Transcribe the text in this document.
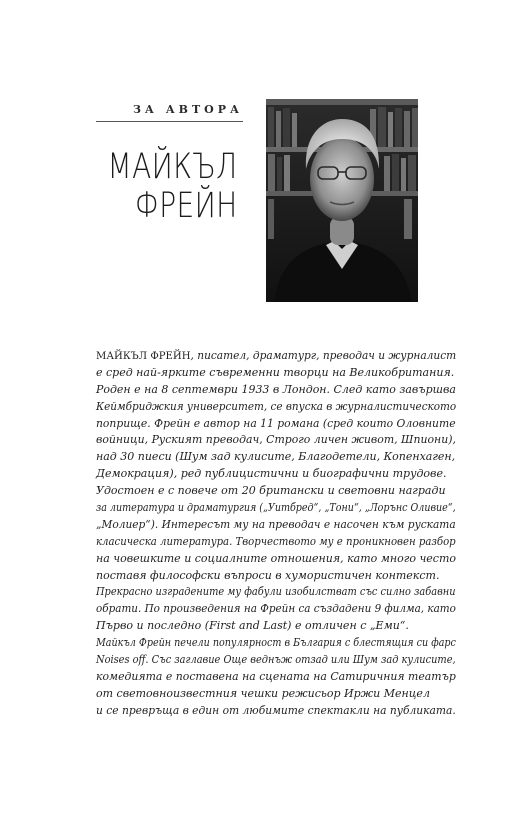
ЗА АВТОРА
МАЙКЪЛ
ФРЕЙН
МАЙКЪЛ ФРЕЙН, писател, драматург, преводач и журналист
е сред най-ярките съвременни творци на Великобритания.
Роден е на 8 септември 1933 в Лондон. След като завършва
Кеймбриджкия университет, се впуска в журналистическото
поприще. Фрейн е автор на 11 романа (сред които Оловните
войници, Руският преводач, Строго личен живот, Шпиони),
над 30 пиеси (Шум зад кулисите, Благодетели, Копенхаген,
Демокрация), ред публицистични и биографични трудове.
Удостоен е с повече от 20 британски и световни награди
за литература и драматургия („Уитбред“, „Тони“, „Лорънс Оливие“,
„Молиер“). Интересът му на преводач е насочен към руската
класическа литература. Творчеството му е проникновен разбор
на човешките и социалните отношения, като много често
поставя философски въпроси в хумористичен контекст.
Прекрасно изградените му фабули изобилстват със силно забавни
обрати. По произведения на Фрейн са създадени 9 филма, като
Първо и последно (First and Last) е отличен с „Еми“.
Майкъл Фрейн печели популярност в България с блестящия си фарс
Noises off. Със заглавие Още веднъж отзад или Шум зад кулисите,
комедията е поставена на сцената на Сатиричния театър
от световноизвестния чешки режисьор Иржи Менцел
и се превръща в един от любимите спектакли на публиката.
